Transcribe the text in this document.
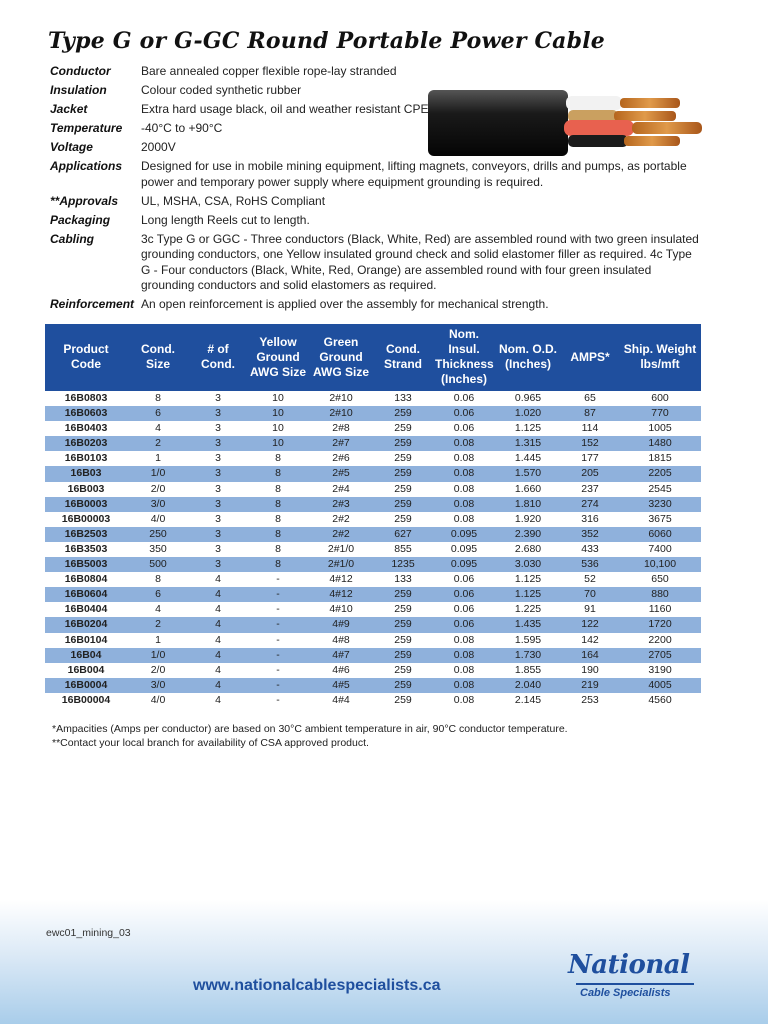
Type G or G-GC Round Portable Power Cable
Conductor	Bare annealed copper flexible rope-lay stranded
Insulation	Colour coded synthetic rubber
Jacket	Extra hard usage black, oil and weather resistant CPE
Temperature	-40°C to +90°C
Voltage	2000V
Applications	Designed for use in mobile mining equipment, lifting magnets, conveyors, drills and pumps, as portable power and temporary power supply where equipment grounding is required.
**Approvals	UL, MSHA, CSA, RoHS Compliant
Packaging	Long length Reels cut to length.
Cabling	3c Type G or GGC - Three conductors (Black, White, Red) are assembled round with two green insulated grounding conductors, one Yellow insulated ground check and solid elastomer filler as required. 4c Type G - Four conductors (Black, White, Red, Orange) are assembled round with four green insulated grounding conductors and solid elastomers as required.
Reinforcement An open reinforcement is applied over the assembly for mechanical strength.
Product Code	Cond. Size	# of Cond.	Yellow Ground AWG Size	Green Ground AWG Size	Cond. Strand	Nom. Insul. Thickness (Inches)	Nom. O.D. (Inches)	AMPS*	Ship. Weight lbs/mft
16B0803	8	3	10	2#10	133	0.06	0.965	65	600
16B0603	6	3	10	2#10	259	0.06	1.020	87	770
16B0403	4	3	10	2#8	259	0.06	1.125	114	1005
16B0203	2	3	10	2#7	259	0.08	1.315	152	1480
16B0103	1	3	8	2#6	259	0.08	1.445	177	1815
16B03	1/0	3	8	2#5	259	0.08	1.570	205	2205
16B003	2/0	3	8	2#4	259	0.08	1.660	237	2545
16B0003	3/0	3	8	2#3	259	0.08	1.810	274	3230
16B00003	4/0	3	8	2#2	259	0.08	1.920	316	3675
16B2503	250	3	8	2#2	627	0.095	2.390	352	6060
16B3503	350	3	8	2#1/0	855	0.095	2.680	433	7400
16B5003	500	3	8	2#1/0	1235	0.095	3.030	536	10,100
16B0804	8	4	-	4#12	133	0.06	1.125	52	650
16B0604	6	4	-	4#12	259	0.06	1.125	70	880
16B0404	4	4	-	4#10	259	0.06	1.225	91	1160
16B0204	2	4	-	4#9	259	0.06	1.435	122	1720
16B0104	1	4	-	4#8	259	0.08	1.595	142	2200
16B04	1/0	4	-	4#7	259	0.08	1.730	164	2705
16B004	2/0	4	-	4#6	259	0.08	1.855	190	3190
16B0004	3/0	4	-	4#5	259	0.08	2.040	219	4005
16B00004	4/0	4	-	4#4	259	0.08	2.145	253	4560
*Ampacities (Amps per conductor) are based on 30°C ambient temperature in air, 90°C conductor temperature.
**Contact your local branch for availability of CSA approved product.
ewc01_mining_03
www.nationalcablespecialists.ca
National
Cable Specialists
